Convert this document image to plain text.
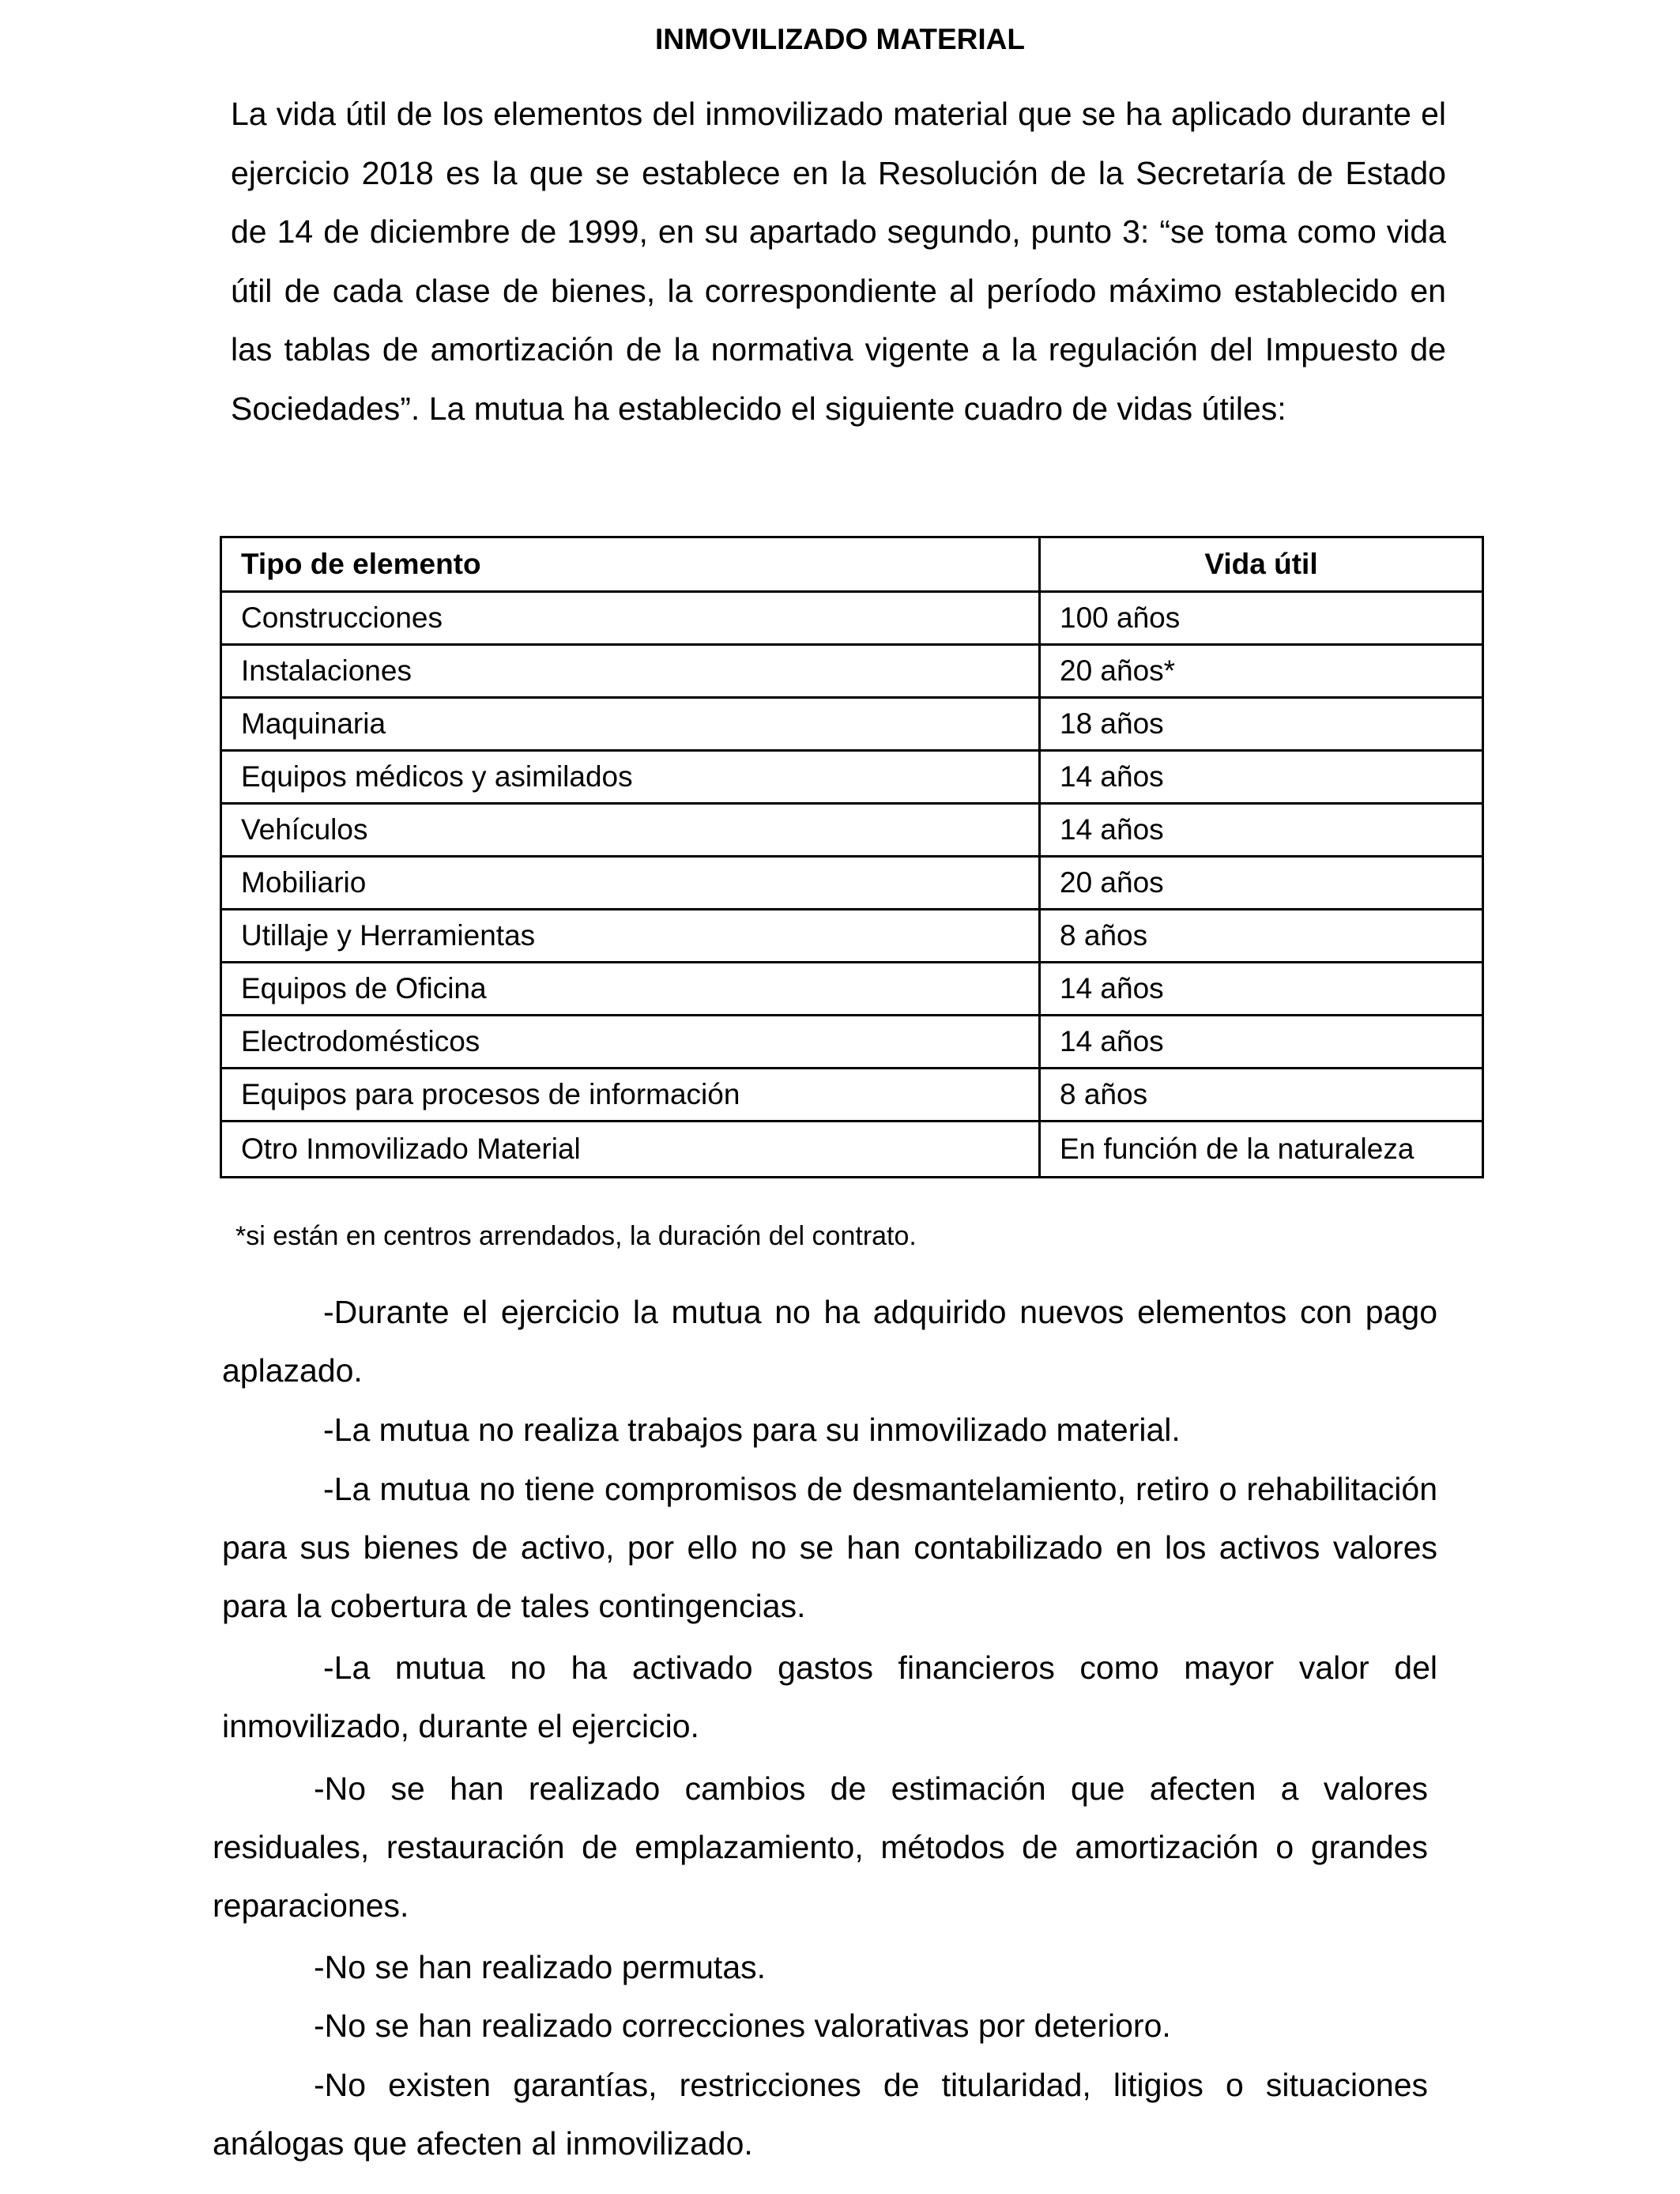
INMOVILIZADO MATERIAL

La vida útil de los elementos del inmovilizado material que se ha aplicado durante el ejercicio 2018 es la que se establece en la Resolución de la Secretaría de Estado de 14 de diciembre de 1999, en su apartado segundo, punto 3: “se toma como vida útil de cada clase de bienes, la correspondiente al período máximo establecido en las tablas de amortización de la normativa vigente a la regulación del Impuesto de Sociedades”. La mutua ha establecido el siguiente cuadro de vidas útiles:

Tipo de elemento	Vida útil
Construcciones	100 años
Instalaciones	20 años*
Maquinaria	18 años
Equipos médicos y asimilados	14 años
Vehículos	14 años
Mobiliario	20 años
Utillaje y Herramientas	8 años
Equipos de Oficina	14 años
Electrodomésticos	14 años
Equipos para procesos de información	8 años
Otro Inmovilizado Material	En función de la naturaleza

*si están en centros arrendados, la duración del contrato.

-Durante el ejercicio la mutua no ha adquirido nuevos elementos con pago aplazado.

-La mutua no realiza trabajos para su inmovilizado material.

-La mutua no tiene compromisos de desmantelamiento, retiro o rehabilitación para sus bienes de activo, por ello no se han contabilizado en los activos valores para la cobertura de tales contingencias.

-La mutua no ha activado gastos financieros como mayor valor del inmovilizado, durante el ejercicio.

-No se han realizado cambios de estimación que afecten a valores residuales, restauración de emplazamiento, métodos de amortización o grandes reparaciones.

-No se han realizado permutas.

-No se han realizado correcciones valorativas por deterioro.

-No existen garantías, restricciones de titularidad, litigios o situaciones análogas que afecten al inmovilizado.
